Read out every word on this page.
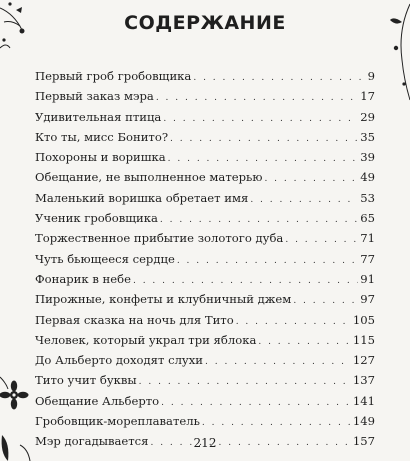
СОДЕРЖАНИЕ
Первый гроб гробовщика . . .	9
Первый заказ мэра . . .	17
Удивительная птица . . .	29
Кто ты, мисс Бонито? . . .	35
Похороны и воришка . . .	39
Обещание, не выполненное матерью . . .	49
Маленький воришка обретает имя . . .	53
Ученик гробовщика . . .	65
Торжественное прибытие золотого дуба . . .	71
Чуть бьющееся сердце . . .	77
Фонарик в небе . . .	91
Пирожные, конфеты и клубничный джем . . .	97
Первая сказка на ночь для Тито . . .	105
Человек, который украл три яблока . . .	115
До Альберто доходят слухи . . .	127
Тито учит буквы . . .	137
Обещание Альберто . . .	141
Гробовщик-мореплаватель . . .	149
Мэр догадывается . . .	157
212
